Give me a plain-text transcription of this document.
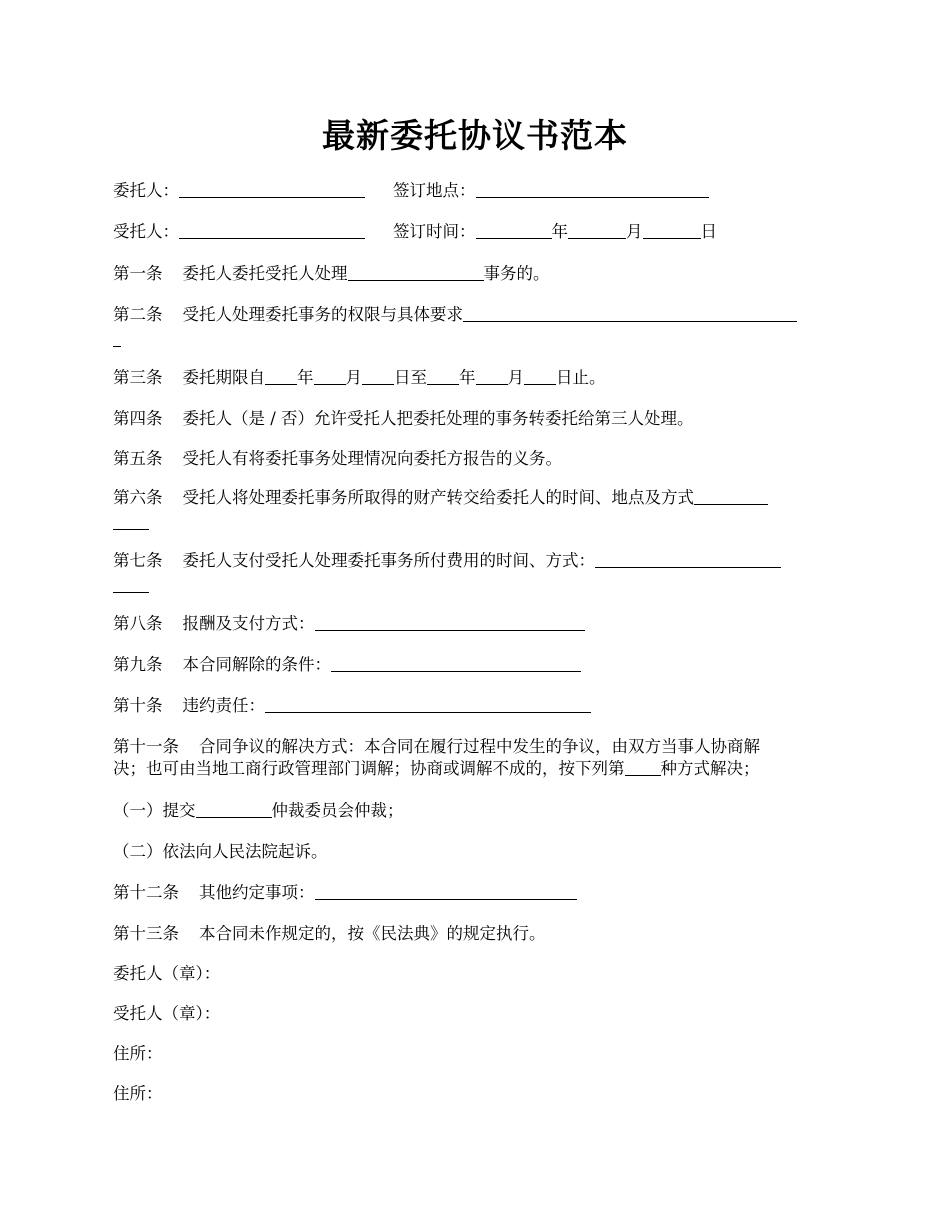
最新委托协议书范本
委托人：	签订地点：
受托人：	签订时间：	年	月	日
第一条 委托人委托受托人处理	事务的。
第二条 受托人处理委托事务的权限与具体要求
第三条 委托期限自 年 月 日至 年 月 日止。
第四条 委托人（是 / 否）允许受托人把委托处理的事务转委托给第三人处理。
第五条 受托人有将委托事务处理情况向委托方报告的义务。
第六条 受托人将处理委托事务所取得的财产转交给委托人的时间、地点及方式
第七条 委托人支付受托人处理委托事务所付费用的时间、方式：
第八条 报酬及支付方式：
第九条 本合同解除的条件：
第十条 违约责任：
第十一条 合同争议的解决方式：本合同在履行过程中发生的争议，由双方当事人协商解
决；也可由当地工商行政管理部门调解；协商或调解不成的，按下列第 种方式解决；
（一）提交	仲裁委员会仲裁；
（二）依法向人民法院起诉。
第十二条 其他约定事项：
第十三条 本合同未作规定的，按《民法典》的规定执行。
委托人（章）：
受托人（章）：
住所：
住所：
